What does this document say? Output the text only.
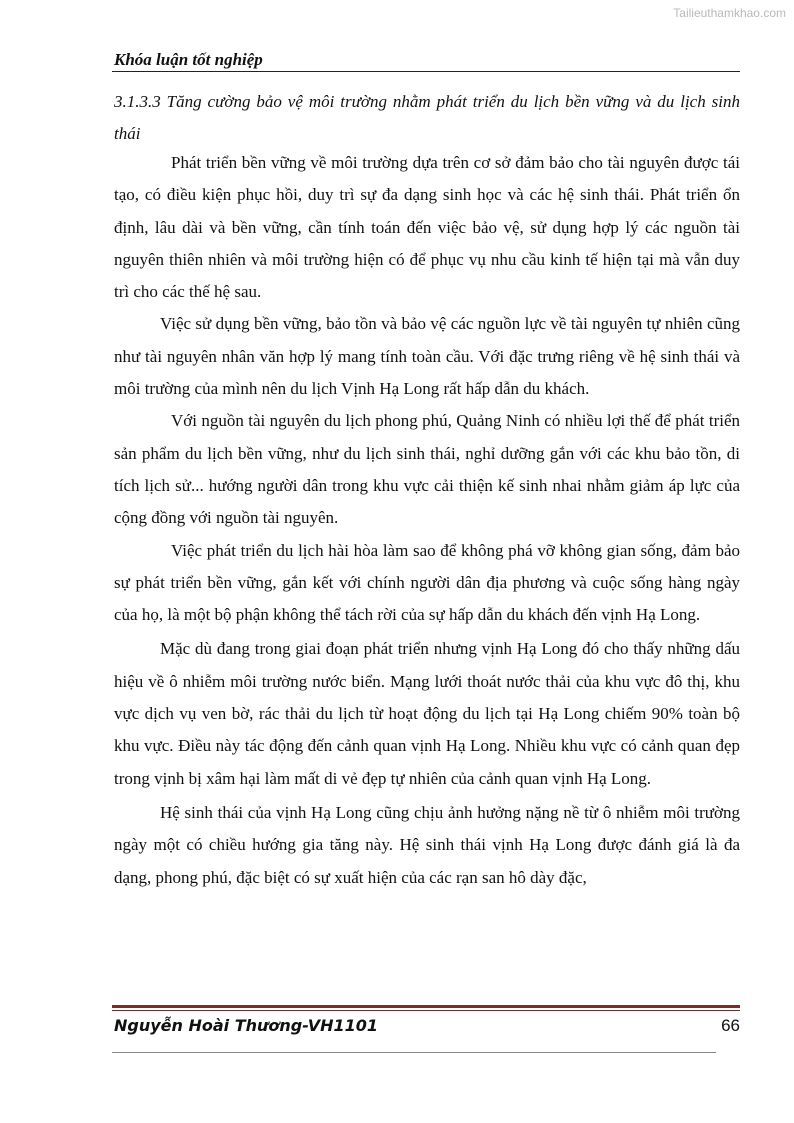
Tailieuthamkhao.com
Khóa luận tốt nghiệp

3.1.3.3 Tăng cường bảo vệ môi trường nhằm phát triển du lịch bền vững và du lịch sinh thái

Phát triển bền vững về môi trường dựa trên cơ sở đảm bảo cho tài nguyên được tái tạo, có điều kiện phục hồi, duy trì sự đa dạng sinh học và các hệ sinh thái. Phát triển ổn định, lâu dài và bền vững, cần tính toán đến việc bảo vệ, sử dụng hợp lý các nguồn tài nguyên thiên nhiên và môi trường hiện có để phục vụ nhu cầu kinh tế hiện tại mà vẫn duy trì cho các thế hệ sau.

Việc sử dụng bền vững, bảo tồn và bảo vệ các nguồn lực về tài nguyên tự nhiên cũng như tài nguyên nhân văn hợp lý mang tính toàn cầu. Với đặc trưng riêng về hệ sinh thái và môi trường của mình nên du lịch Vịnh Hạ Long rất hấp dẫn du khách.

Với nguồn tài nguyên du lịch phong phú, Quảng Ninh có nhiều lợi thế để phát triển sản phẩm du lịch bền vững, như du lịch sinh thái, nghỉ dưỡng gắn với các khu bảo tồn, di tích lịch sử... hướng người dân trong khu vực cải thiện kế sinh nhai nhằm giảm áp lực của cộng đồng với nguồn tài nguyên.

Việc phát triển du lịch hài hòa làm sao để không phá vỡ không gian sống, đảm bảo sự phát triển bền vững, gắn kết với chính người dân địa phương và cuộc sống hàng ngày của họ, là một bộ phận không thể tách rời của sự hấp dẫn du khách đến vịnh Hạ Long.

Mặc dù đang trong giai đoạn phát triển nhưng vịnh Hạ Long đó cho thấy những dấu hiệu về ô nhiễm môi trường nước biển. Mạng lưới thoát nước thải của khu vực đô thị, khu vực dịch vụ ven bờ, rác thải du lịch từ hoạt động du lịch tại Hạ Long chiếm 90% toàn bộ khu vực. Điều này tác động đến cảnh quan vịnh Hạ Long. Nhiều khu vực có cảnh quan đẹp trong vịnh bị xâm hại làm mất di vẻ đẹp tự nhiên của cảnh quan vịnh Hạ Long.

Hệ sinh thái của vịnh Hạ Long cũng chịu ảnh hưởng nặng nề từ ô nhiễm môi trường ngày một có chiều hướng gia tăng này. Hệ sinh thái vịnh Hạ Long được đánh giá là đa dạng, phong phú, đặc biệt có sự xuất hiện của các rạn san hô dày đặc,

Nguyễn Hoài Thương-VH1101	66
